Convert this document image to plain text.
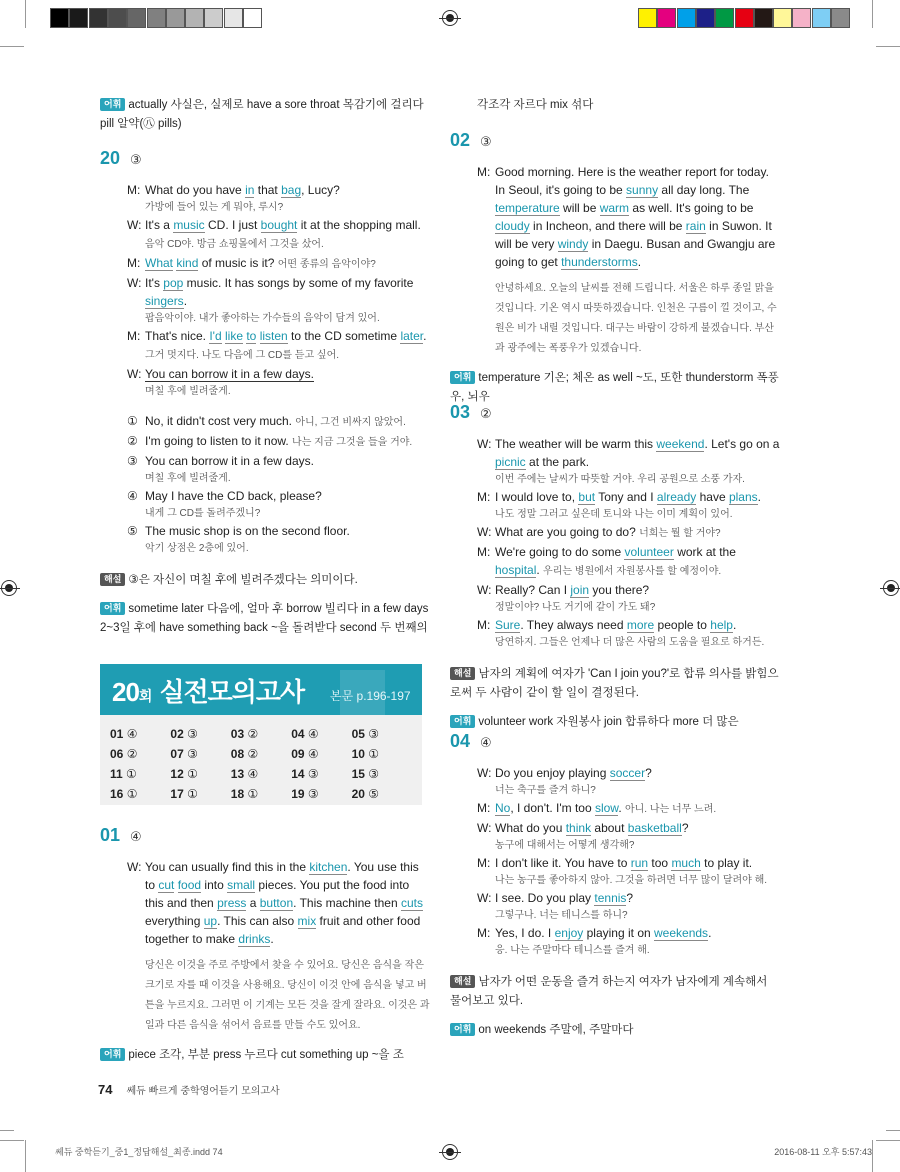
어휘 actually 사실은, 실제로 have a sore throat 목감기에 걸리다 pill 알약(㊇ pills)
20 ③
M: What do you have in that bag, Lucy?
가방에 들어 있는 게 뭐야, 루시?
W: It's a music CD. I just bought it at the shopping mall. 음악 CD야. 방금 쇼핑몰에서 그것을 샀어.
M: What kind of music is it? 어떤 종류의 음악이야?
W: It's pop music. It has songs by some of my favorite singers.
팝음악이야. 내가 좋아하는 가수들의 음악이 담겨 있어.
M: That's nice. I'd like to listen to the CD sometime later. 그거 멋지다. 나도 다음에 그 CD를 듣고 싶어.
W: You can borrow it in a few days.
며칠 후에 빌려줄게.
① No, it didn't cost very much. 아니, 그건 비싸지 않았어.
② I'm going to listen to it now. 나는 지금 그것을 들을 거야.
③ You can borrow it in a few days.
며칠 후에 빌려줄게.
④ May I have the CD back, please?
내게 그 CD를 돌려주겠니?
⑤ The music shop is on the second floor.
악기 상점은 2층에 있어.
해설 ③은 자신이 며칠 후에 빌려주겠다는 의미이다.
어휘 sometime later 다음에, 얼마 후 borrow 빌리다 in a few days 2~3일 후에 have something back ~을 돌려받다 second 두 번째의
20회 실전모의고사 본문 p.196-197
01 ④	02 ③	03 ②	04 ④	05 ③
06 ②	07 ③	08 ②	09 ④	10 ①
11 ①	12 ①	13 ④	14 ③	15 ③
16 ①	17 ①	18 ①	19 ③	20 ⑤
01 ④
W: You can usually find this in the kitchen. You use this to cut food into small pieces. You put the food into this and then press a button. This machine then cuts everything up. This can also mix fruit and other food together to make drinks.
당신은 이것을 주로 주방에서 찾을 수 있어요. 당신은 음식을 작은 크기로 자를 때 이것을 사용해요. 당신이 이것 안에 음식을 넣고 버튼을 누르지요. 그러면 이 기계는 모든 것을 잘게 잘라요. 이것은 과일과 다른 음식을 섞어서 음료를 만들 수도 있어요.
어휘 piece 조각, 부분 press 누르다 cut something up ~을 조
각조각 자르다 mix 섞다
02 ③
M: Good morning. Here is the weather report for today. In Seoul, it's going to be sunny all day long. The temperature will be warm as well. It's going to be cloudy in Incheon, and there will be rain in Suwon. It will be very windy in Daegu. Busan and Gwangju are going to get thunderstorms.
안녕하세요. 오늘의 날씨를 전해 드립니다. 서울은 하루 종일 맑을 것입니다. 기온 역시 따뜻하겠습니다. 인천은 구름이 낄 것이고, 수원은 비가 내릴 것입니다. 대구는 바람이 강하게 불겠습니다. 부산과 광주에는 폭풍우가 있겠습니다.
어휘 temperature 기온; 체온 as well ~도, 또한 thunderstorm 폭풍우, 뇌우
03 ②
W: The weather will be warm this weekend. Let's go on a picnic at the park.
이번 주에는 날씨가 따뜻할 거야. 우리 공원으로 소풍 가자.
M: I would love to, but Tony and I already have plans.
나도 정말 그러고 싶은데 토니와 나는 이미 계획이 있어.
W: What are you going to do? 너희는 뭘 할 거야?
M: We're going to do some volunteer work at the hospital. 우리는 병원에서 자원봉사를 할 예정이야.
W: Really? Can I join you there?
정말이야? 나도 거기에 같이 가도 돼?
M: Sure. They always need more people to help.
당연하지. 그들은 언제나 더 많은 사람의 도움을 필요로 하거든.
해설 남자의 계획에 여자가 'Can I join you?'로 합류 의사를 밝힘으로써 두 사람이 같이 할 일이 결정된다.
어휘 volunteer work 자원봉사 join 합류하다 more 더 많은
04 ④
W: Do you enjoy playing soccer?
너는 축구를 즐겨 하니?
M: No, I don't. I'm too slow. 아니. 나는 너무 느려.
W: What do you think about basketball?
농구에 대해서는 어떻게 생각해?
M: I don't like it. You have to run too much to play it.
나는 농구를 좋아하지 않아. 그것을 하려면 너무 많이 달려야 해.
W: I see. Do you play tennis?
그렇구나. 너는 테니스를 하니?
M: Yes, I do. I enjoy playing it on weekends.
응. 나는 주말마다 테니스를 즐겨 해.
해설 남자가 어떤 운동을 즐겨 하는지 여자가 남자에게 계속해서 물어보고 있다.
어휘 on weekends 주말에, 주말마다
74 쎄듀 빠르게 중학영어듣기 모의고사
쎄듀 중학듣기_중1_정답해설_최종.indd 74	2016-08-11 오후 5:57:43
